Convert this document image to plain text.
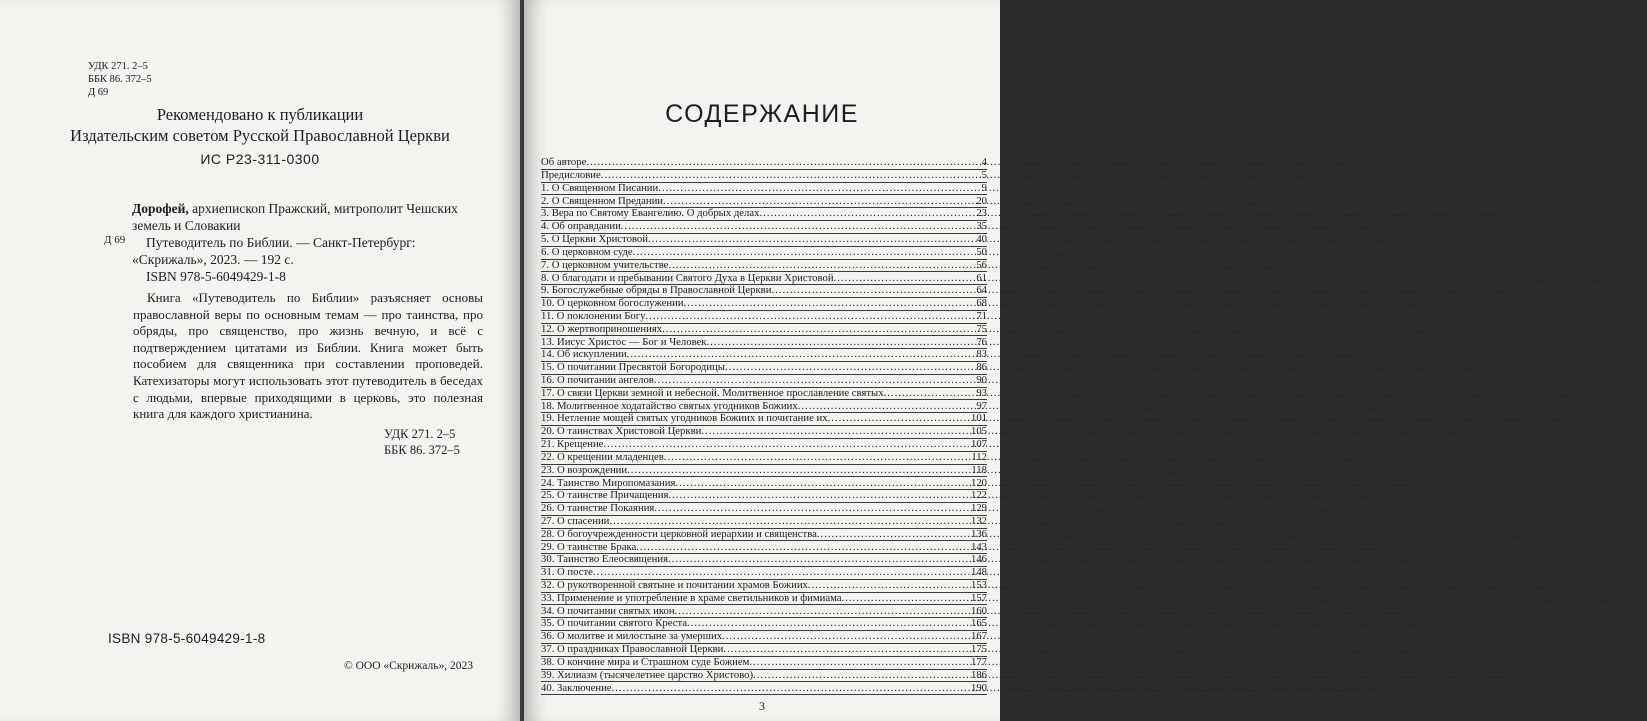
УДК 271. 2–5
ББК 86. 372–5
Д 69
Рекомендовано к публикации
Издательским советом Русской Православной Церкви
ИС Р23-311-0300
Д 69

Дорофей, архиепископ Пражский, митрополит Чешских земель и Словакии

Путеводитель по Библии. — Санкт-Петербург: «Скрижаль», 2023. — 192 с.

ISBN 978-5-6049429-1-8

Книга «Путеводитель по Библии» разъясняет основы православной веры по основным темам — про таинства, про обряды, про священство, про жизнь вечную, и всё с подтверждением цитатами из Библии. Книга может быть пособием для священника при составлении проповедей. Катехизаторы могут использовать этот путеводитель в беседах с людьми, впервые приходящими в церковь, это полезная книга для каждого христианина.

УДК 271. 2–5
ББК 86. 372–5
ISBN 978-5-6049429-1-8
© ООО «Скрижаль», 2023
СОДЕРЖАНИЕ
Об авторе .....	4
Предисловие .....	5
1. О Священном Писании .....	9
2. О Священном Предании .....	20
3. Вера по Святому Евангелию. О добрых делах .....	23
4. Об оправдании .....	35
5. О Церкви Христовой .....	40
6. О церковном суде .....	50
7. О церковном учительстве .....	56
8. О благодати и пребывании Святого Духа в Церкви Христовой .....	61
9. Богослужебные обряды в Православной Церкви .....	64
10. О церковном богослужении .....	68
11. О поклонении Богу .....	71
12. О жертвоприношениях .....	75
13. Иисус Христос — Бог и Человек .....	76
14. Об искуплении .....	83
15. О почитании Пресвятой Богородицы .....	86
16. О почитании ангелов .....	90
17. О связи Церкви земной и небесной. Молитвенное прославление святых .....	93
18. Молитвенное ходатайство святых угодников Божиих .....	97
19. Нетление мощей святых угодников Божиих и почитание их .....	101
20. О таинствах Христовой Церкви .....	105
21. Крещение .....	107
22. О крещении младенцев .....	112
23. О возрождении .....	118
24. Таинство Миропомазания .....	120
25. О таинстве Причащения .....	122
26. О таинстве Покаяния .....	129
27. О спасении .....	132
28. О богоучрежденности церковной иерархии и священства .....	136
29. О таинстве Брака .....	143
30. Таинство Елеосвящения .....	146
31. О посте .....	148
32. О рукотворенной святыне и почитании храмов Божиих .....	153
33. Применение и употребление в храме светильников и фимиама .....	157
34. О почитании святых икон .....	160
35. О почитании святого Креста .....	165
36. О молитве и милостыне за умерших .....	167
37. О праздниках Православной Церкви .....	175
38. О кончине мира и Страшном суде Божием .....	177
39. Хилиазм (тысячелетнее царство Христово) .....	186
40. Заключение .....	190
3
